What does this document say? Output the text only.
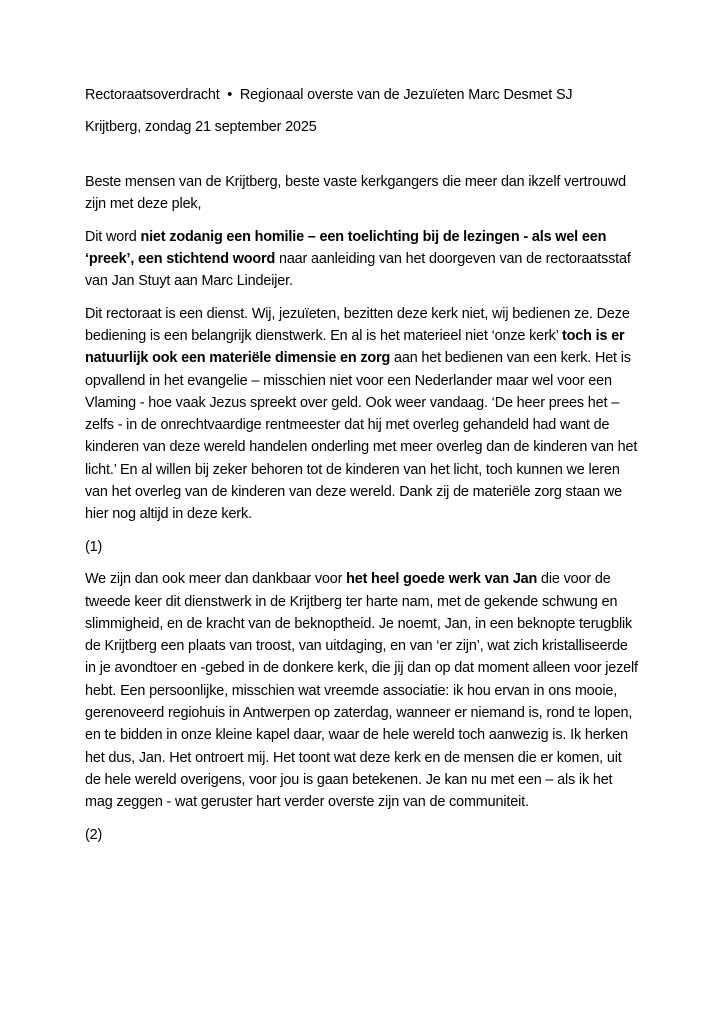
Rectoraatsoverdracht • Regionaal overste van de Jezuïeten Marc Desmet SJ

Krijtberg, zondag 21 september 2025

Beste mensen van de Krijtberg, beste vaste kerkgangers die meer dan ikzelf vertrouwd zijn met deze plek,

Dit word niet zodanig een homilie – een toelichting bij de lezingen - als wel een ‘preek’, een stichtend woord naar aanleiding van het doorgeven van de rectoraatsstaf van Jan Stuyt aan Marc Lindeijer.

Dit rectoraat is een dienst. Wij, jezuïeten, bezitten deze kerk niet, wij bedienen ze. Deze bediening is een belangrijk dienstwerk. En al is het materieel niet ‘onze kerk’ toch is er natuurlijk ook een materiële dimensie en zorg aan het bedienen van een kerk. Het is opvallend in het evangelie – misschien niet voor een Nederlander maar wel voor een Vlaming - hoe vaak Jezus spreekt over geld. Ook weer vandaag. ‘De heer prees het – zelfs - in de onrechtvaardige rentmeester dat hij met overleg gehandeld had want de kinderen van deze wereld handelen onderling met meer overleg dan de kinderen van het licht.’ En al willen bij zeker behoren tot de kinderen van het licht, toch kunnen we leren van het overleg van de kinderen van deze wereld. Dank zij de materiële zorg staan we hier nog altijd in deze kerk.

(1)

We zijn dan ook meer dan dankbaar voor het heel goede werk van Jan die voor de tweede keer dit dienstwerk in de Krijtberg ter harte nam, met de gekende schwung en slimmigheid, en de kracht van de beknoptheid. Je noemt, Jan, in een beknopte terugblik de Krijtberg een plaats van troost, van uitdaging, en van ‘er zijn’, wat zich kristalliseerde in je avondtoer en -gebed in de donkere kerk, die jij dan op dat moment alleen voor jezelf hebt. Een persoonlijke, misschien wat vreemde associatie: ik hou ervan in ons mooie, gerenoveerd regiohuis in Antwerpen op zaterdag, wanneer er niemand is, rond te lopen, en te bidden in onze kleine kapel daar, waar de hele wereld toch aanwezig is. Ik herken het dus, Jan. Het ontroert mij. Het toont wat deze kerk en de mensen die er komen, uit de hele wereld overigens, voor jou is gaan betekenen. Je kan nu met een – als ik het mag zeggen - wat geruster hart verder overste zijn van de communiteit.

(2)
